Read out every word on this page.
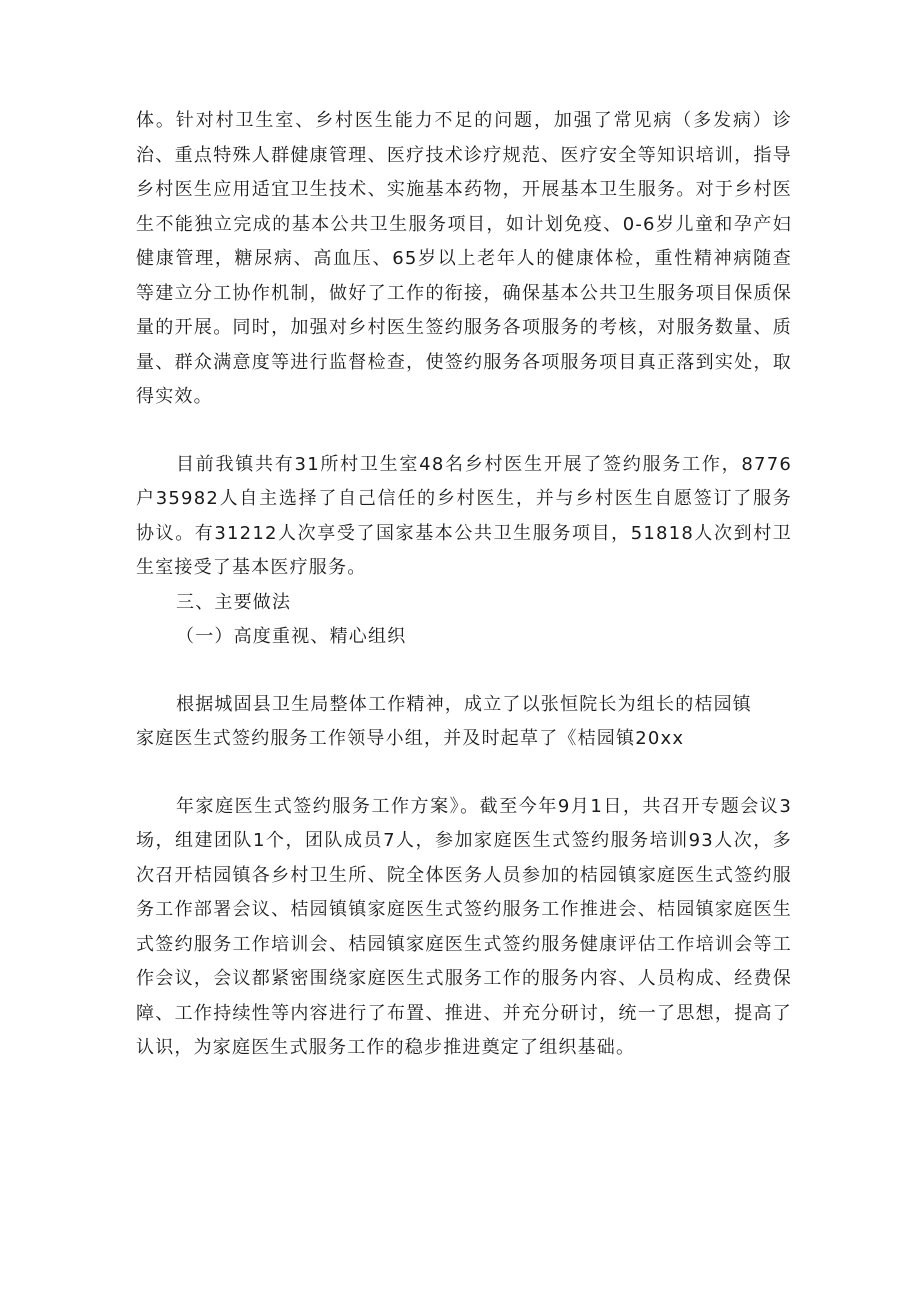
体。针对村卫生室、乡村医生能力不足的问题，加强了常见病（多发病）诊治、重点特殊人群健康管理、医疗技术诊疗规范、医疗安全等知识培训，指导乡村医生应用适宜卫生技术、实施基本药物，开展基本卫生服务。对于乡村医生不能独立完成的基本公共卫生服务项目，如计划免疫、0-6岁儿童和孕产妇健康管理，糖尿病、高血压、65岁以上老年人的健康体检，重性精神病随查等建立分工协作机制，做好了工作的衔接，确保基本公共卫生服务项目保质保量的开展。同时，加强对乡村医生签约服务各项服务的考核，对服务数量、质量、群众满意度等进行监督检查，使签约服务各项服务项目真正落到实处，取得实效。

目前我镇共有31所村卫生室48名乡村医生开展了签约服务工作，8776户35982人自主选择了自己信任的乡村医生，并与乡村医生自愿签订了服务协议。有31212人次享受了国家基本公共卫生服务项目，51818人次到村卫生室接受了基本医疗服务。

三、主要做法

（一）高度重视、精心组织

根据城固县卫生局整体工作精神，成立了以张恒院长为组长的桔园镇
家庭医生式签约服务工作领导小组，并及时起草了《桔园镇20xx

年家庭医生式签约服务工作方案》。截至今年9月1日，共召开专题会议3场，组建团队1个，团队成员7人，参加家庭医生式签约服务培训93人次，多次召开桔园镇各乡村卫生所、院全体医务人员参加的桔园镇家庭医生式签约服务工作部署会议、桔园镇镇家庭医生式签约服务工作推进会、桔园镇家庭医生式签约服务工作培训会、桔园镇家庭医生式签约服务健康评估工作培训会等工作会议，会议都紧密围绕家庭医生式服务工作的服务内容、人员构成、经费保障、工作持续性等内容进行了布置、推进、并充分研讨，统一了思想，提高了认识，为家庭医生式服务工作的稳步推进奠定了组织基础。
